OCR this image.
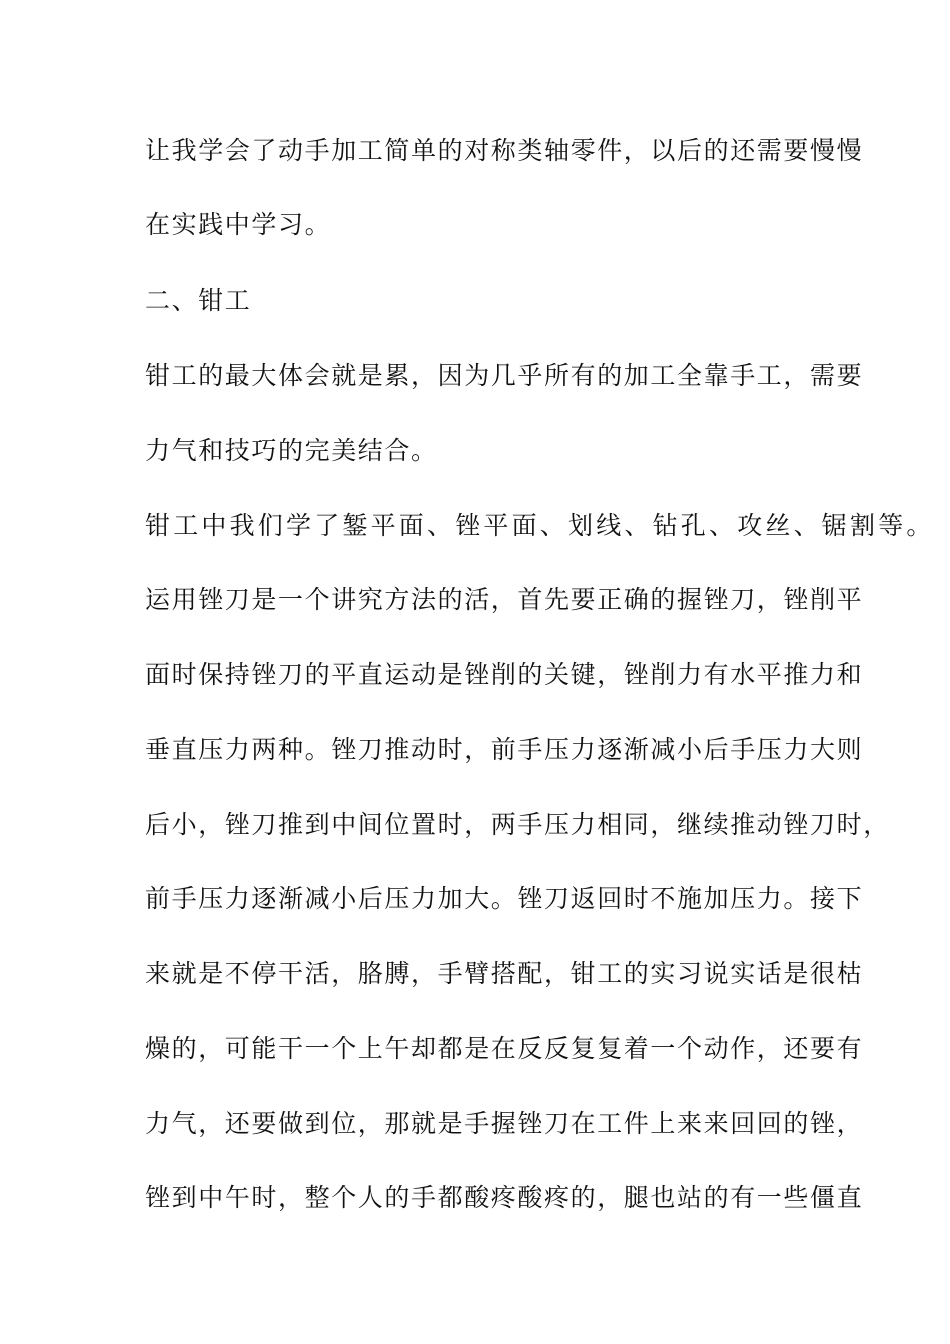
让我学会了动手加工简单的对称类轴零件，以后的还需要慢慢
在实践中学习。
二、钳工
钳工的最大体会就是累，因为几乎所有的加工全靠手工，需要
力气和技巧的完美结合。
钳工中我们学了錾平面、锉平面、划线、钻孔、攻丝、锯割等。
运用锉刀是一个讲究方法的活，首先要正确的握锉刀，锉削平
面时保持锉刀的平直运动是锉削的关键，锉削力有水平推力和
垂直压力两种。锉刀推动时，前手压力逐渐减小后手压力大则
后小，锉刀推到中间位置时，两手压力相同，继续推动锉刀时，
前手压力逐渐减小后压力加大。锉刀返回时不施加压力。接下
来就是不停干活，胳膊，手臂搭配，钳工的实习说实话是很枯
燥的，可能干一个上午却都是在反反复复着一个动作，还要有
力气，还要做到位，那就是手握锉刀在工件上来来回回的锉，
锉到中午时，整个人的手都酸疼酸疼的，腿也站的有一些僵直
